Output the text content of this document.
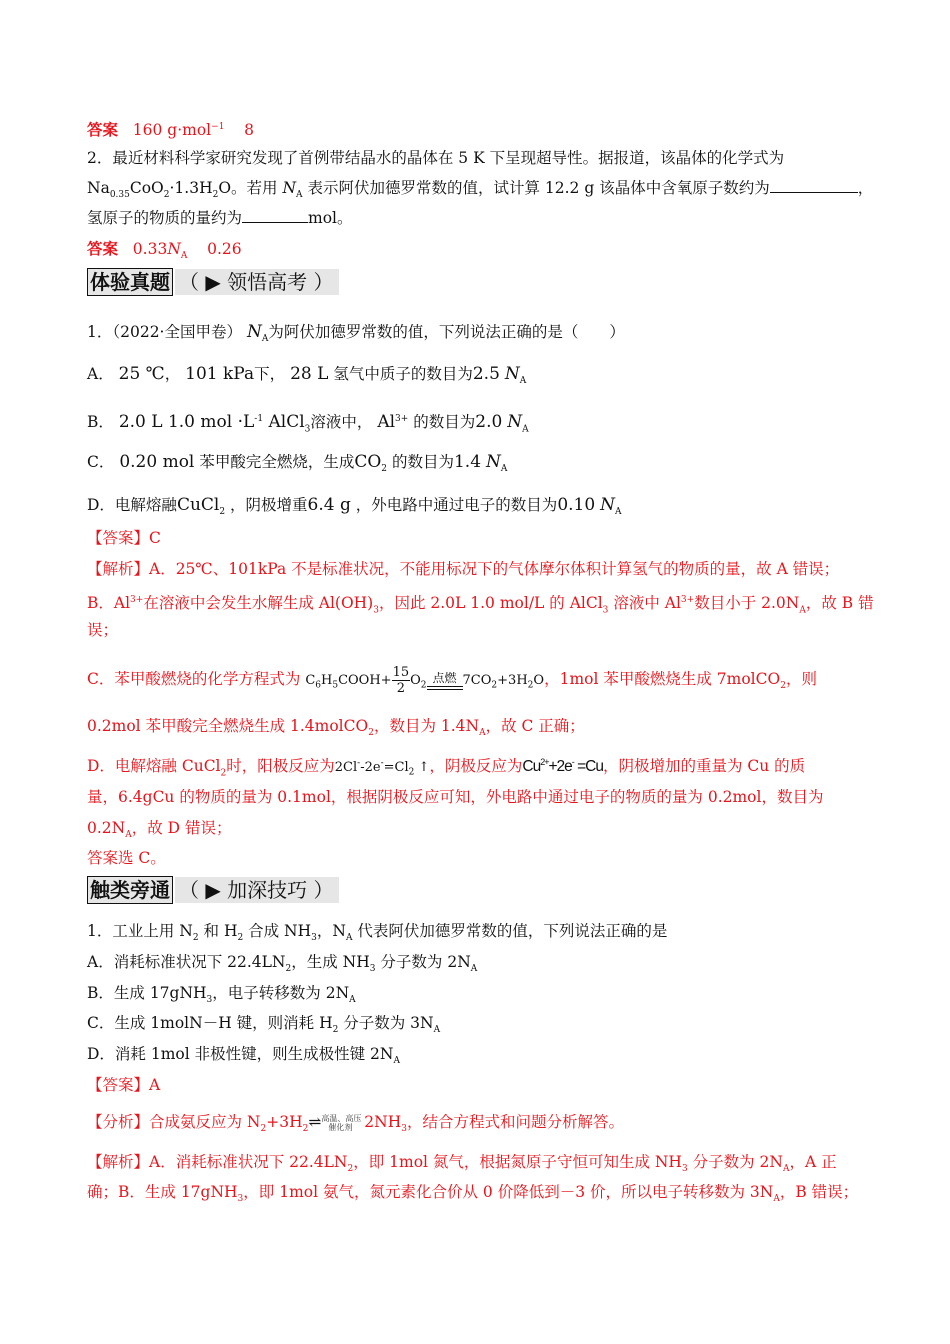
答案 160 g·mol$^{-1}$ 8
2．最近材料科学家研究发现了首例带结晶水的晶体在 5 K 下呈现超导性。据报道，该晶体的化学式为
$Na_{0.35}CoO_2\cdot 1.3H_2O$。若用 $N_A$ 表示阿伏加德罗常数的值，试计算 12.2 g 该晶体中含氧原子数约为	，
氢原子的物质的量约为	mol。
答案 $0.33N_A$ 0.26
体验真题 （ ▶ 领悟高考 ）
1．（2022·全国甲卷） $N_A$为阿伏加德罗常数的值，下列说法正确的是（　　）
A． 25 ℃， 101 kPa下， 28 L 氢气中质子的数目为2.5 $N_A$
B． 2.0 L 1.0 mol $\cdot L^{-1}$ AlCl$_3$溶液中， $Al^{3+}$ 的数目为2.0 $N_A$
C． 0.20 mol 苯甲酸完全燃烧，生成$CO_2$ 的数目为1.4 $N_A$
D．电解熔融CuCl$_2$ ，阴极增重6.4 g ，外电路中通过电子的数目为0.10 $N_A$
【答案】C
【解析】A．25℃、101kPa 不是标准状况，不能用标况下的气体摩尔体积计算氢气的物质的量，故 A 错误；
B．$Al^{3+}$在溶液中会发生水解生成 $Al(OH)_3$，因此 2.0L 1.0 mol/L 的 AlCl$_3$ 溶液中 $Al^{3+}$数目小于 $2.0N_A$，故 B 错
误；
C．苯甲酸燃烧的化学方程式为 $C_6H_5COOH+ \frac{15}{2} O_2$点燃 $7CO_2+3H_2O$，1mol 苯甲酸燃烧生成 7molCO$_2$，则
0.2mol 苯甲酸完全燃烧生成 1.4molCO$_2$，数目为 $1.4N_A$，故 C 正确；
D．电解熔融 CuCl$_2$时，阳极反应为$2Cl^--2e^-=Cl_2$ ↑，阴极反应为$Cu^{2+}+2e^- =Cu$，阴极增加的重量为 Cu 的质
量，6.4gCu 的物质的量为 0.1mol，根据阴极反应可知，外电路中通过电子的物质的量为 0.2mol，数目为
$0.2N_A$，故 D 错误；
答案选 C。
触类旁通 （ ▶ 加深技巧 ）
1．工业上用 $N_2$ 和 $H_2$ 合成 $NH_3$，$N_A$ 代表阿伏加德罗常数的值，下列说法正确的是
A．消耗标准状况下 $22.4LN_2$，生成 $NH_3$ 分子数为 $2N_A$
B．生成 17gNH$_3$，电子转移数为 $2N_A$
C．生成 1molN－H 键，则消耗 $H_2$ 分子数为 $3N_A$
D．消耗 1mol 非极性键，则生成极性键 $2N_A$
【答案】A
【分析】合成氨反应为 $N_2+3H_2\rightleftharpoons$ 高温、高压
催化剂 $2NH_3$，结合方程式和问题分析解答。
【解析】A．消耗标准状况下 $22.4LN_2$，即 1mol 氮气，根据氮原子守恒可知生成 $NH_3$ 分子数为 $2N_A$，A 正
确；B．生成 17gNH$_3$，即 1mol 氨气，氮元素化合价从 0 价降低到－3 价，所以电子转移数为 $3N_A$，B 错误；
